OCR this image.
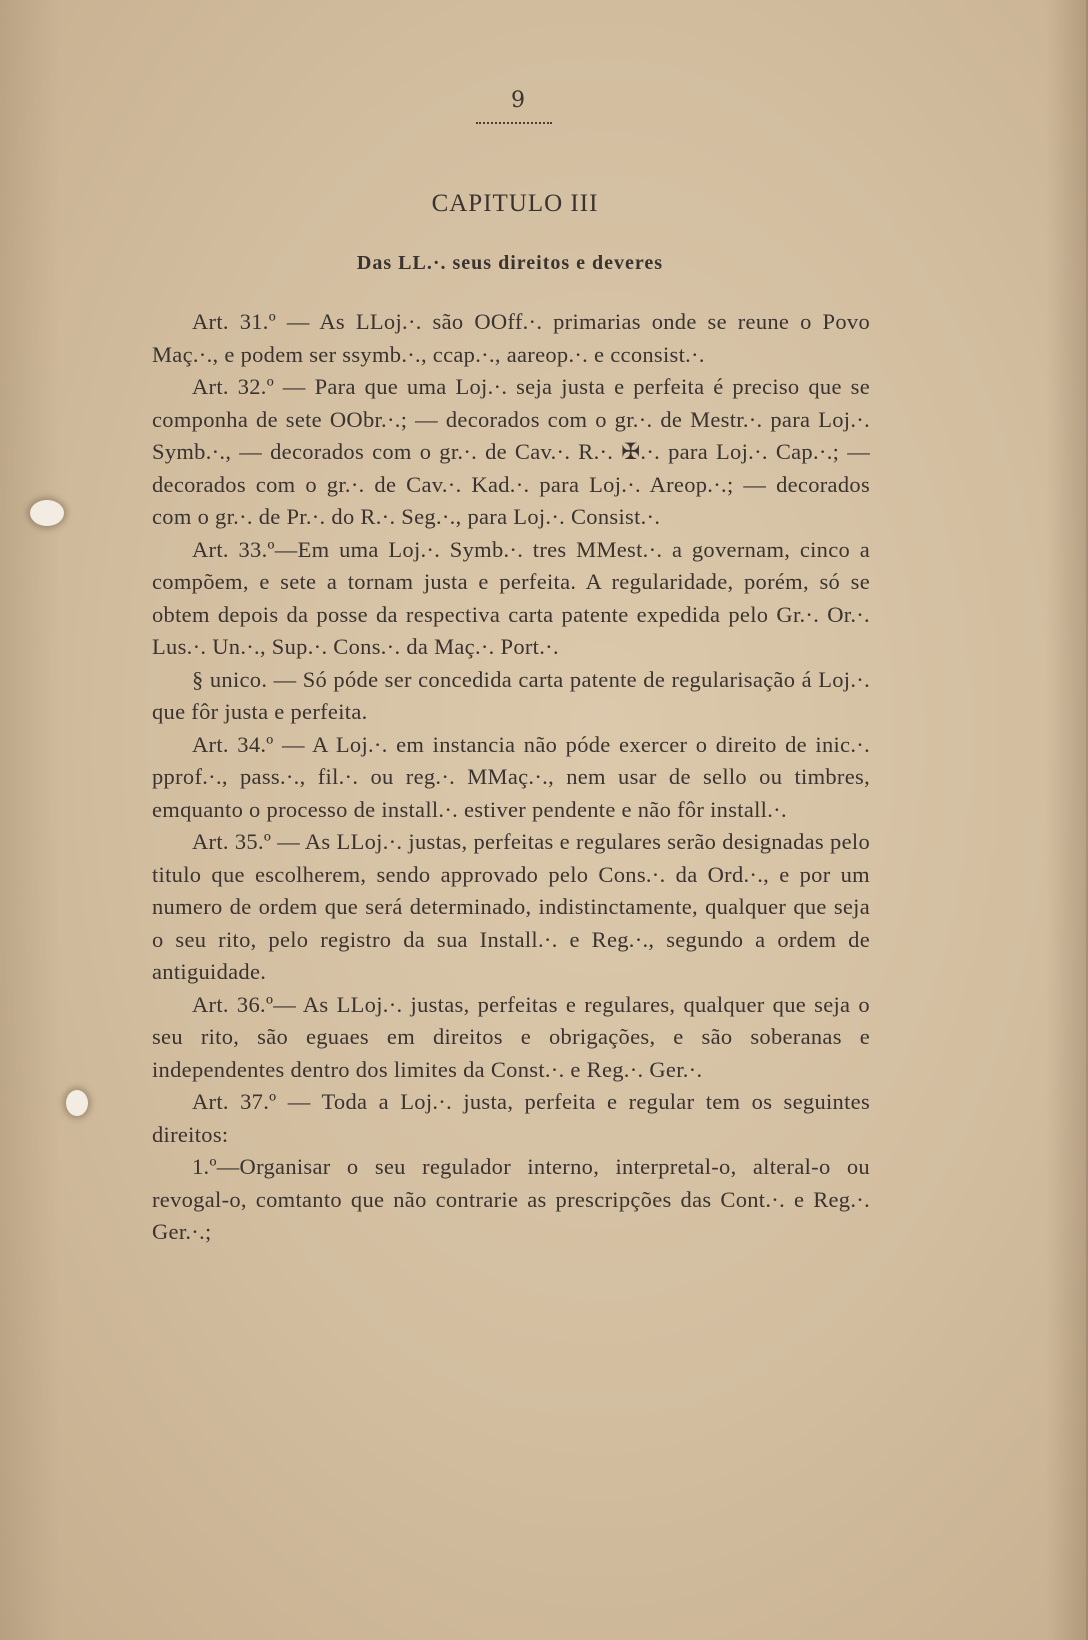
9
CAPITULO III
Das LL.·. seus direitos e deveres

Art. 31.º — As LLoj.·. são OOff.·. primarias onde se reune o Povo Maç.·., e podem ser ssymb.·., ccap.·., aareop.·. e cconsist.·.

Art. 32.º — Para que uma Loj.·. seja justa e perfeita é preciso que se componha de sete OObr.·.; — decorados com o gr.·. de Mestr.·. para Loj.·. Symb.·., — decorados com o gr.·. de Cav.·. R.·. ✠.·. para Loj.·. Cap.·.; — decorados com o gr.·. de Cav.·. Kad.·. para Loj.·. Areop.·.; — decorados com o gr.·. de Pr.·. do R.·. Seg.·., para Loj.·. Consist.·.

Art. 33.º—Em uma Loj.·. Symb.·. tres MMest.·. a governam, cinco a compõem, e sete a tornam justa e perfeita. A regularidade, porém, só se obtem depois da posse da respectiva carta patente expedida pelo Gr.·. Or.·. Lus.·. Un.·., Sup.·. Cons.·. da Maç.·. Port.·.

§ unico. — Só póde ser concedida carta patente de regularisação á Loj.·. que fôr justa e perfeita.

Art. 34.º — A Loj.·. em instancia não póde exercer o direito de inic.·. pprof.·., pass.·., fil.·. ou reg.·. MMaç.·., nem usar de sello ou timbres, emquanto o processo de install.·. estiver pendente e não fôr install.·.

Art. 35.º — As LLoj.·. justas, perfeitas e regulares serão designadas pelo titulo que escolherem, sendo approvado pelo Cons.·. da Ord.·., e por um numero de ordem que será determinado, indistinctamente, qualquer que seja o seu rito, pelo registro da sua Install.·. e Reg.·., segundo a ordem de antiguidade.

Art. 36.º— As LLoj.·. justas, perfeitas e regulares, qualquer que seja o seu rito, são eguaes em direitos e obrigações, e são soberanas e independentes dentro dos limites da Const.·. e Reg.·. Ger.·.

Art. 37.º — Toda a Loj.·. justa, perfeita e regular tem os seguintes direitos:

1.º—Organisar o seu regulador interno, interpretal-o, alteral-o ou revogal-o, comtanto que não contrarie as prescripções das Cont.·. e Reg.·. Ger.·.;
